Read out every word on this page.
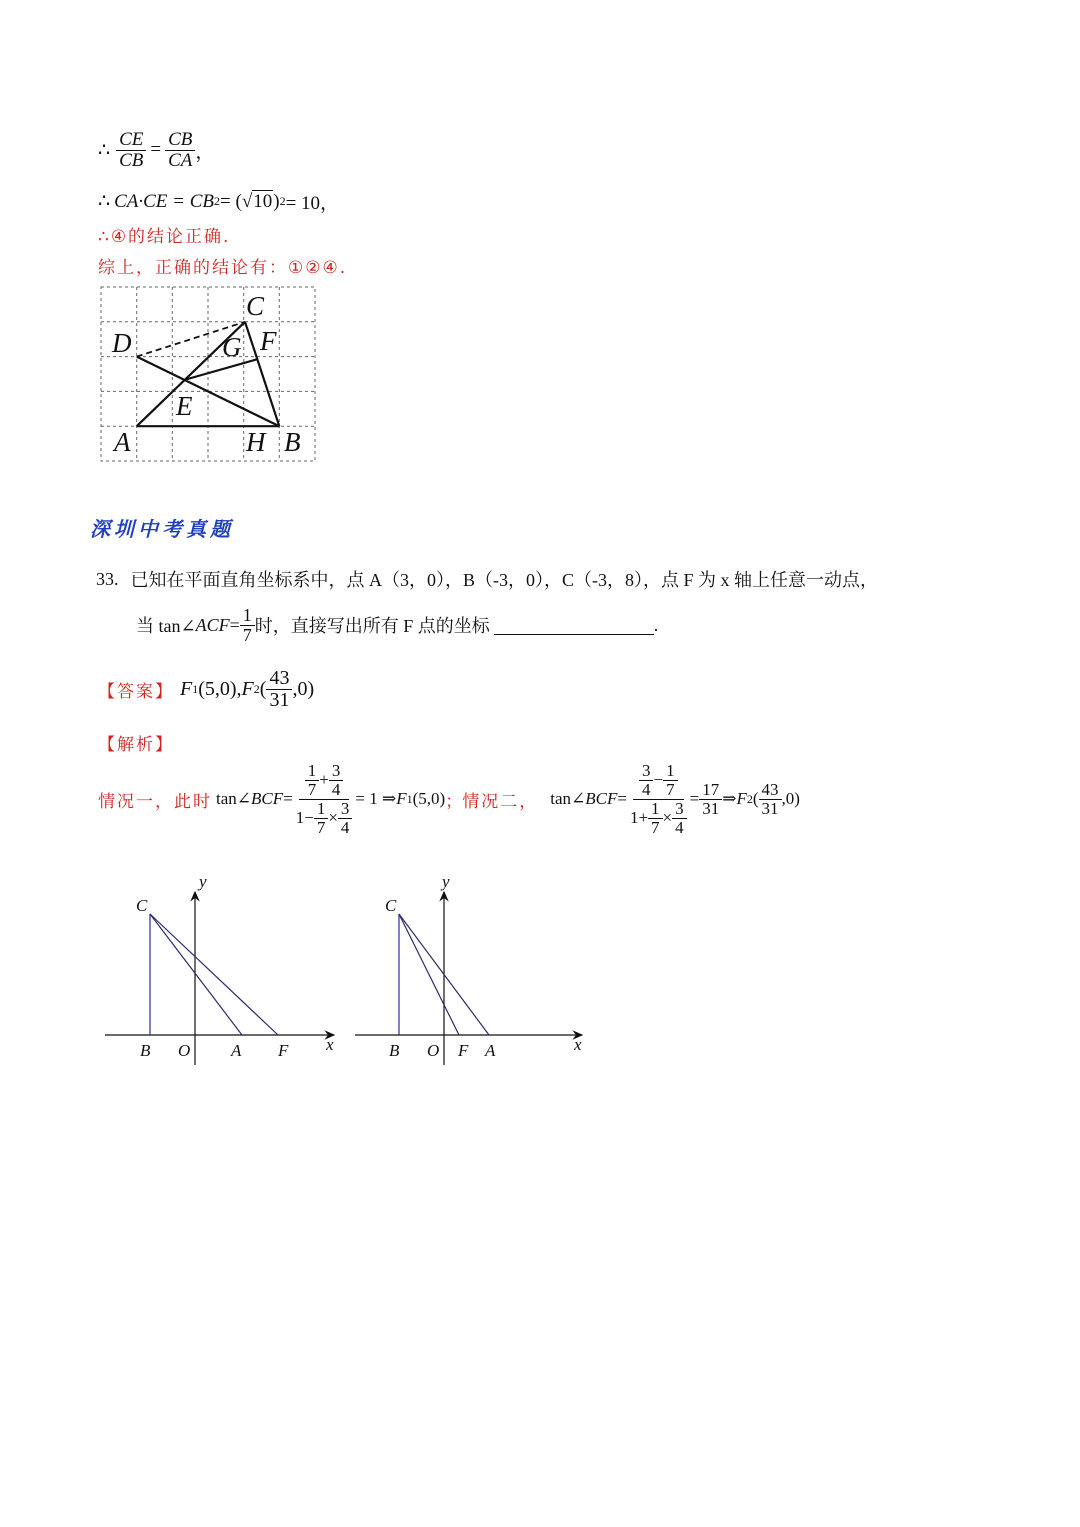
∴ $\frac{CE}{CB} = \frac{CB}{CA}$ ，
∴ CA·CE = CB 2 = ( √ 10 ) 2 = 10，
∴④的结论正确.
综上，正确的结论有：①②④.
C
D	G F
E
A	H B
深圳中考真题
33. 已知在平面直角坐标系中，点 A（3，0），B（-3，0），C（-3，8），点 F 为 x 轴上任意一动点，
当 tan∠ ACF = $\frac{1}{7}$ 时，直接写出所有 F 点的坐标	.
【答案】 F 1 (5,0), F 2 ( $\frac{43}{31} ,0$)
【解析】
情况一，此时 tan∠ BCF = $\frac{\frac{1}{7} + \frac{3}{4}}{1- \frac{1}{7} \times \frac{3}{4}} = 1$ ⇒ F 1 (5,0) ； 情况二， tan∠ BCF = $\frac{\frac{3}{4} - \frac{1}{7}}{1+ \frac{1}{7} \times \frac{3}{4}} = \frac{17}{31}$ ⇒ F 2 ( $\frac{43}{31} ,0$)
y
C
B O A F x
y
C
B O F A	x
